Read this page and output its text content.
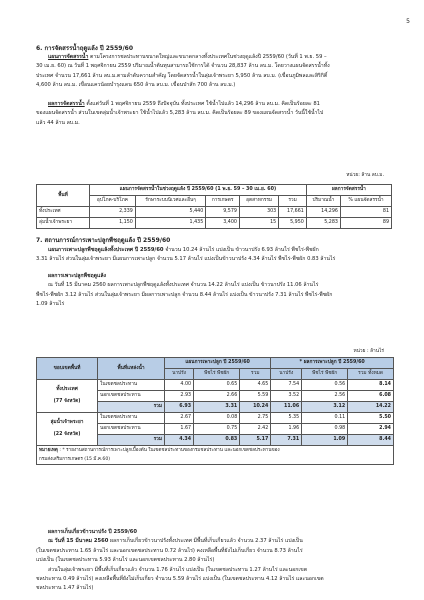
5
6. การจัดสรรน้ำฤดูแล้ง ปี 2559/60
แผนการจัดสรรน้ำ ตามโครงการชลประทานขนาดใหญ่และขนาดกลางทั้งประเทศในช่วงฤดูแล้งปี 2559/60 (วันที่ 1 พ.ย. 59 –
30 เม.ย. 60) ณ วันที่ 1 พฤศจิกายน 2559 ปริมาณน้ำต้นทุนสามารถใช้การได้ จำนวน 28,837 ล้าน ลบ.ม. โดยวางแผนจัดสรรน้ำทั้ง
ประเทศ จำนวน 17,661 ล้าน ลบ.ม.ตามลำดับความสำคัญ โดยจัดสรรน้ำในลุ่มเจ้าพระยา 5,950 ล้าน ลบ.ม. (เขื่อนภูมิพลและสิริกิติ์
4,600 ล้าน ลบ.ม. เขื่อนแควน้อยบำรุงแดน 650 ล้าน ลบ.ม. เขื่อนป่าสัก 700 ล้าน ลบ.ม.)
ผลการจัดสรรน้ำ ตั้งแต่วันที่ 1 พฤศจิกายน 2559 ถึงปัจจุบัน ทั้งประเทศ ใช้น้ำไปแล้ว 14,296 ล้าน ลบ.ม. คิดเป็นร้อยละ 81
ของแผนจัดสรรน้ำ ส่วนในเขตลุ่มน้ำเจ้าพระยา ใช้น้ำไปแล้ว 5,283 ล้าน ลบ.ม. คิดเป็นร้อยละ 89 ของแผนจัดสรรน้ำ วันนี้ใช้น้ำไป
แล้ว 44 ล้าน ลบ.ม.
หน่วย: ล้าน ลบ.ม.
พื้นที่	แผนการจัดสรรน้ำในช่วงฤดูแล้ง ปี 2559/60 (1 พ.ย. 59 – 30 เม.ย. 60)					ผลการจัดสรรน้ำ	
	อุปโภค-บริโภค	รักษาระบบนิเวศและอื่นๆ	การเกษตร	อุตสาหกรรม	รวม	ปริมาณน้ำ	% แผนจัดสรรน้ำ
ทั้งประเทศ	2,339	5,440	9,579	303	17,661	14,296	81
ลุ่มน้ำเจ้าพระยา	1,150	1,435	3,400	15	5,950	5,283	89
7. สถานการณ์การเพาะปลูกพืชฤดูแล้ง ปี 2559/60
แผนการเพาะปลูกพืชฤดูแล้งทั้งประเทศ ปี 2559/60 จำนวน 10.24 ล้านไร่ แบ่งเป็น ข้าวนาปรัง 6.93 ล้านไร่ พืชไร่-พืชผัก
3.31 ล้านไร่ ส่วนในลุ่มเจ้าพระยา มีแผนการเพาะปลูก จำนวน 5.17 ล้านไร่ แบ่งเป็นข้าวนาปรัง 4.34 ล้านไร่ พืชไร่-พืชผัก 0.83 ล้านไร่
ผลการเพาะปลูกพืชฤดูแล้ง
ณ วันที่ 15 มีนาคม 2560 ผลการเพาะปลูกพืชฤดูแล้งทั้งประเทศ จำนวน 14.22 ล้านไร่ แบ่งเป็น ข้าวนาปรัง 11.06 ล้านไร่
พืชไร่-พืชผัก 3.12 ล้านไร่ ส่วนในลุ่มเจ้าพระยา มีผลการเพาะปลูก จำนวน 8.44 ล้านไร่ แบ่งเป็น ข้าวนาปรัง 7.31 ล้านไร่ พืชไร่-พืชผัก
1.09 ล้านไร่
หน่วย : ล้านไร่
ขอบเขตพื้นที่	พื้นที่แหล่งน้ำ	แผนการเพาะปลูก ปี 2559/60			* ผลการเพาะปลูก ปี 2559/60		
		นาปรัง	พืชไร่ พืชผัก	รวม	นาปรัง	พืชไร่ พืชผัก	รวม ทั้งหมด

ทั้งประเทศ
(77 จังหวัด)	ในเขตชลประทาน	4.00	0.65	4.65	7.54	0.56	8.14
	นอกเขตชลประทาน	2.93	2.66	5.59	3.52	2.56	6.08
	รวม	6.93	3.31	10.24	11.06	3.12	14.22

ลุ่มน้ำเจ้าพระยา
(22 จังหวัด)	ในเขตชลประทาน	2.67	0.08	2.75	5.35	0.11	5.50
	นอกเขตชลประทาน	1.67	0.75	2.42	1.96	0.98	2.94
	รวม	4.34	0.83	5.17	7.31	1.09	8.44

หมายเหตุ : * รายงานสถานการณ์การเพาะปลูกเบื้องต้น ในเขตชลประทานของกรมชลประทาน และนอกเขตชลประทานของ
กรมส่งเสริมการเกษตร (15 มี.ค.60)							
ผลการเก็บเกี่ยวข้าวนาปรัง ปี 2559/60
ณ วันที่ 15 มีนาคม 2560 ผลการเก็บเกี่ยวข้าวนาปรังทั้งประเทศ มีพื้นที่เก็บเกี่ยวแล้ว จำนวน 2.37 ล้านไร่ แบ่งเป็น
(ในเขตชลประทาน 1.65 ล้านไร่ และนอกเขตชลประทาน 0.72 ล้านไร่) คงเหลือพื้นที่ยังไม่เก็บเกี่ยว จำนวน 8.73 ล้านไร่
แบ่งเป็น (ในเขตชลประทาน 5.93 ล้านไร่ และนอกเขตชลประทาน 2.80 ล้านไร่)
ส่วนในลุ่มเจ้าพระยา มีพื้นที่เก็บเกี่ยวแล้ว จำนวน 1.76 ล้านไร่ แบ่งเป็น (ในเขตชลประทาน 1.27 ล้านไร่ และนอกเขต
ชลประทาน 0.49 ล้านไร่) คงเหลือพื้นที่ยังไม่เก็บเกี่ยว จำนวน 5.59 ล้านไร่ แบ่งเป็น (ในเขตชลประทาน 4.12 ล้านไร่ และนอกเขต
ชลประทาน 1.47 ล้านไร่)
